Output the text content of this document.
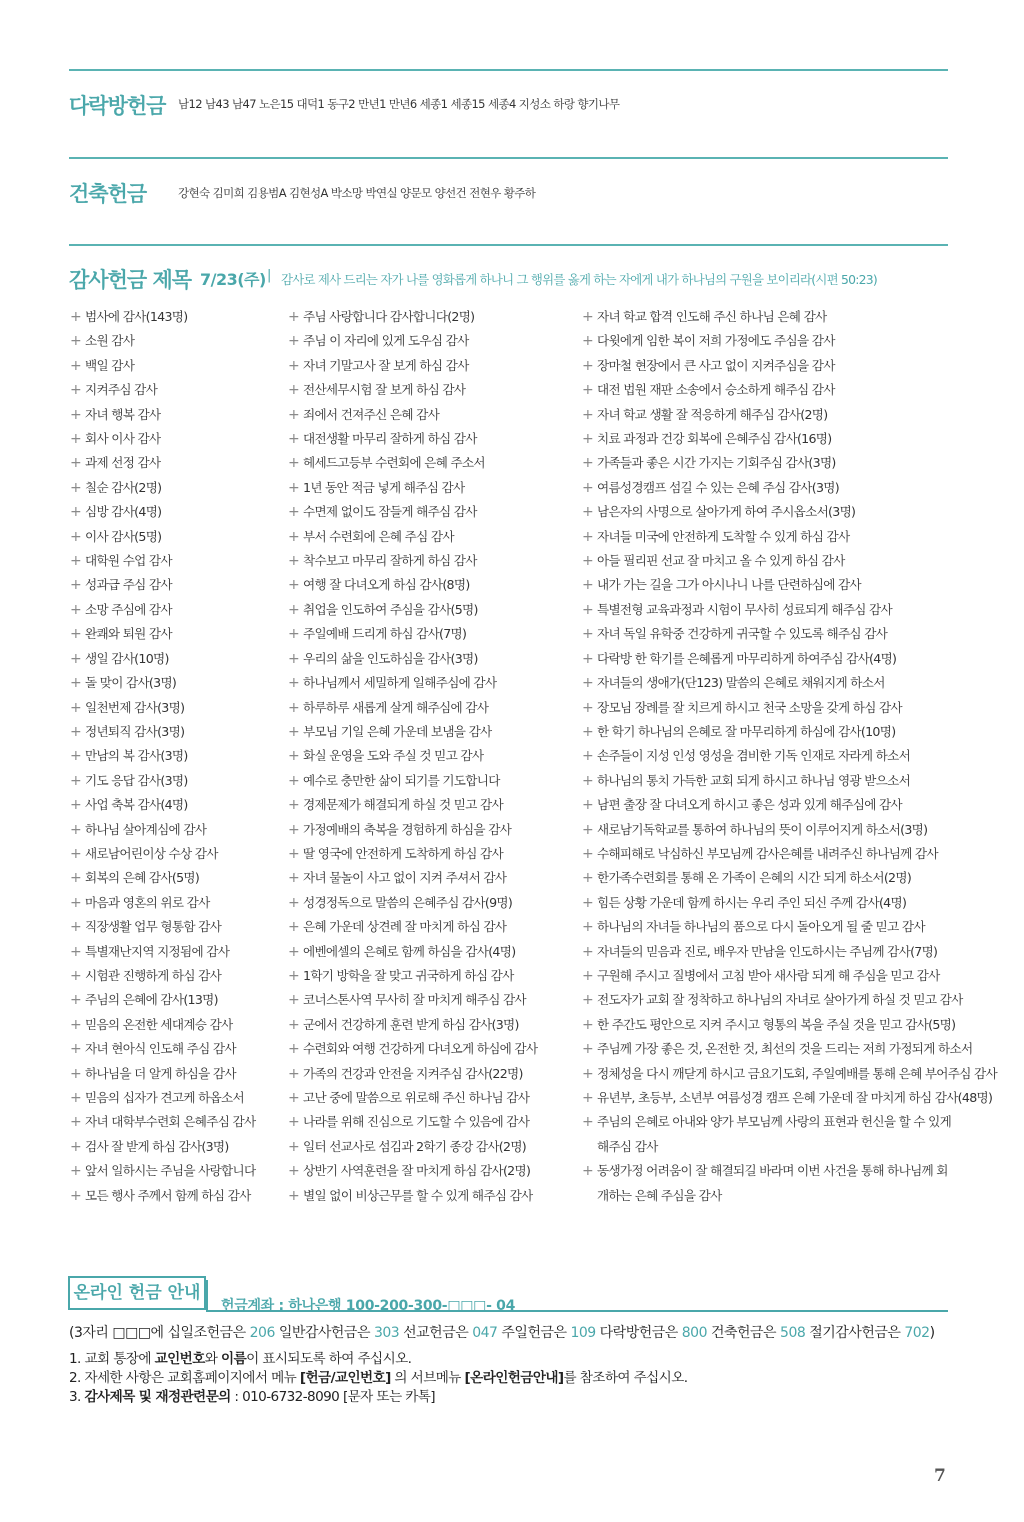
다락방헌금 남12 남43 남47 노은15 대덕1 동구2 만년1 만년6 세종1 세종15 세종4 지성소 하랑 향기나무
건축헌금	강현숙 김미희 김용범A 김현성A 박소망 박연실 양문모 양선건 전현우 황주하
감사헌금 제목 7/23(주) | 감사로 제사 드리는 자가 나를 영화롭게 하나니 그 행위를 옳게 하는 자에게 내가 하나님의 구원을 보이리라(시편 50:23)
+ 범사에 감사(143명)
+ 소원 감사
+ 백일 감사
+ 지켜주심 감사
+ 자녀 행복 감사
+ 회사 이사 감사
+ 과제 선정 감사
+ 칠순 감사(2명)
+ 심방 감사(4명)
+ 이사 감사(5명)
+ 대학원 수업 감사
+ 성과급 주심 감사
+ 소망 주심에 감사
+ 완쾌와 퇴원 감사
+ 생일 감사(10명)
+ 돌 맞이 감사(3명)
+ 일천번제 감사(3명)
+ 정년퇴직 감사(3명)
+ 만남의 복 감사(3명)
+ 기도 응답 감사(3명)
+ 사업 축복 감사(4명)
+ 하나님 살아계심에 감사
+ 새로남어린이상 수상 감사
+ 회복의 은혜 감사(5명)
+ 마음과 영혼의 위로 감사
+ 직장생활 업무 형통함 감사
+ 특별재난지역 지정됨에 감사
+ 시험관 진행하게 하심 감사
+ 주님의 은혜에 감사(13명)
+ 믿음의 온전한 세대계승 감사
+ 자녀 현아식 인도해 주심 감사
+ 하나님을 더 알게 하심을 감사
+ 믿음의 십자가 견고케 하옵소서
+ 자녀 대학부수련회 은혜주심 감사
+ 검사 잘 받게 하심 감사(3명)
+ 앞서 일하시는 주님을 사랑합니다
+ 모든 행사 주께서 함께 하심 감사
+ 주님 사랑합니다 감사합니다(2명)
+ 주님 이 자리에 있게 도우심 감사
+ 자녀 기말고사 잘 보게 하심 감사
+ 전산세무시험 잘 보게 하심 감사
+ 죄에서 건져주신 은혜 감사
+ 대전생활 마무리 잘하게 하심 감사
+ 헤세드고등부 수련회에 은혜 주소서
+ 1년 동안 적금 넣게 해주심 감사
+ 수면제 없이도 잠들게 해주심 감사
+ 부서 수련회에 은혜 주심 감사
+ 착수보고 마무리 잘하게 하심 감사
+ 여행 잘 다녀오게 하심 감사(8명)
+ 취업을 인도하여 주심을 감사(5명)
+ 주일예배 드리게 하심 감사(7명)
+ 우리의 삶을 인도하심을 감사(3명)
+ 하나님께서 세밀하게 일해주심에 감사
+ 하루하루 새롭게 살게 해주심에 감사
+ 부모님 기일 은혜 가운데 보냄을 감사
+ 화실 운영을 도와 주실 것 믿고 감사
+ 예수로 충만한 삶이 되기를 기도합니다
+ 경제문제가 해결되게 하실 것 믿고 감사
+ 가정예배의 축복을 경험하게 하심을 감사
+ 딸 영국에 안전하게 도착하게 하심 감사
+ 자녀 물놀이 사고 없이 지켜 주셔서 감사
+ 성경정독으로 말씀의 은혜주심 감사(9명)
+ 은혜 가운데 상견례 잘 마치게 하심 감사
+ 에벤에셀의 은혜로 함께 하심을 감사(4명)
+ 1학기 방학을 잘 맞고 귀국하게 하심 감사
+ 코너스톤사역 무사히 잘 마치게 해주심 감사
+ 군에서 건강하게 훈련 받게 하심 감사(3명)
+ 수련회와 여행 건강하게 다녀오게 하심에 감사
+ 가족의 건강과 안전을 지켜주심 감사(22명)
+ 고난 중에 말씀으로 위로해 주신 하나님 감사
+ 나라를 위해 진심으로 기도할 수 있음에 감사
+ 일터 선교사로 섬김과 2학기 종강 감사(2명)
+ 상반기 사역훈련을 잘 마치게 하심 감사(2명)
+ 별일 없이 비상근무를 할 수 있게 해주심 감사
+ 자녀 학교 합격 인도해 주신 하나님 은혜 감사
+ 다윗에게 임한 복이 저희 가정에도 주심을 감사
+ 장마철 현장에서 큰 사고 없이 지켜주심을 감사
+ 대전 법원 재판 소송에서 승소하게 해주심 감사
+ 자녀 학교 생활 잘 적응하게 해주심 감사(2명)
+ 치료 과정과 건강 회복에 은혜주심 감사(16명)
+ 가족들과 좋은 시간 가지는 기회주심 감사(3명)
+ 여름성경캠프 섬길 수 있는 은혜 주심 감사(3명)
+ 남은자의 사명으로 살아가게 하여 주시옵소서(3명)
+ 자녀들 미국에 안전하게 도착할 수 있게 하심 감사
+ 아들 필리핀 선교 잘 마치고 올 수 있게 하심 감사
+ 내가 가는 길을 그가 아시나니 나를 단련하심에 감사
+ 특별전형 교육과정과 시험이 무사히 성료되게 해주심 감사
+ 자녀 독일 유학중 건강하게 귀국할 수 있도록 해주심 감사
+ 다락방 한 학기를 은혜롭게 마무리하게 하여주심 감사(4명)
+ 자녀들의 생애가(단123) 말씀의 은혜로 채워지게 하소서
+ 장모님 장례를 잘 치르게 하시고 천국 소망을 갖게 하심 감사
+ 한 학기 하나님의 은혜로 잘 마무리하게 하심에 감사(10명)
+ 손주들이 지성 인성 영성을 겸비한 기독 인재로 자라게 하소서
+ 하나님의 통치 가득한 교회 되게 하시고 하나님 영광 받으소서
+ 남편 출장 잘 다녀오게 하시고 좋은 성과 있게 해주심에 감사
+ 새로남기독학교를 통하여 하나님의 뜻이 이루어지게 하소서(3명)
+ 수해피해로 낙심하신 부모님께 감사은혜를 내려주신 하나님께 감사
+ 한가족수련회를 통해 온 가족이 은혜의 시간 되게 하소서(2명)
+ 힘든 상황 가운데 함께 하시는 우리 주인 되신 주께 감사(4명)
+ 하나님의 자녀들 하나님의 품으로 다시 돌아오게 될 줄 믿고 감사
+ 자녀들의 믿음과 진로, 배우자 만남을 인도하시는 주님께 감사(7명)
+ 구원해 주시고 질병에서 고침 받아 새사람 되게 해 주심을 믿고 감사
+ 전도자가 교회 잘 정착하고 하나님의 자녀로 살아가게 하실 것 믿고 감사
+ 한 주간도 평안으로 지켜 주시고 형통의 복을 주실 것을 믿고 감사(5명)
+ 주님께 가장 좋은 것, 온전한 것, 최선의 것을 드리는 저희 가정되게 하소서
+ 정체성을 다시 깨닫게 하시고 금요기도회, 주일예배를 통해 은혜 부어주심 감사
+ 유년부, 초등부, 소년부 여름성경 캠프 은혜 가운데 잘 마치게 하심 감사(48명)
+ 주님의 은혜로 아내와 양가 부모님께 사랑의 표현과 헌신을 할 수 있게 해주심 감사
+ 동생가정 어려움이 잘 해결되길 바라며 이번 사건을 통해 하나님께 회개하는 은혜 주심을 감사
온라인 헌금 안내
헌금계좌 : 하나은행 100-200-300-□□□- 04
(3자리 □□□에 십일조헌금은 206 일반감사헌금은 303 선교헌금은 047 주일헌금은 109 다락방헌금은 800 건축헌금은 508 절기감사헌금은 702)
1. 교회 통장에 교인번호와 이름이 표시되도록 하여 주십시오.
2. 자세한 사항은 교회홈페이지에서 메뉴 [헌금/교인번호] 의 서브메뉴 [온라인헌금안내]를 참조하여 주십시오.
3. 감사제목 및 재정관련문의 : 010-6732-8090 [문자 또는 카톡]
7
